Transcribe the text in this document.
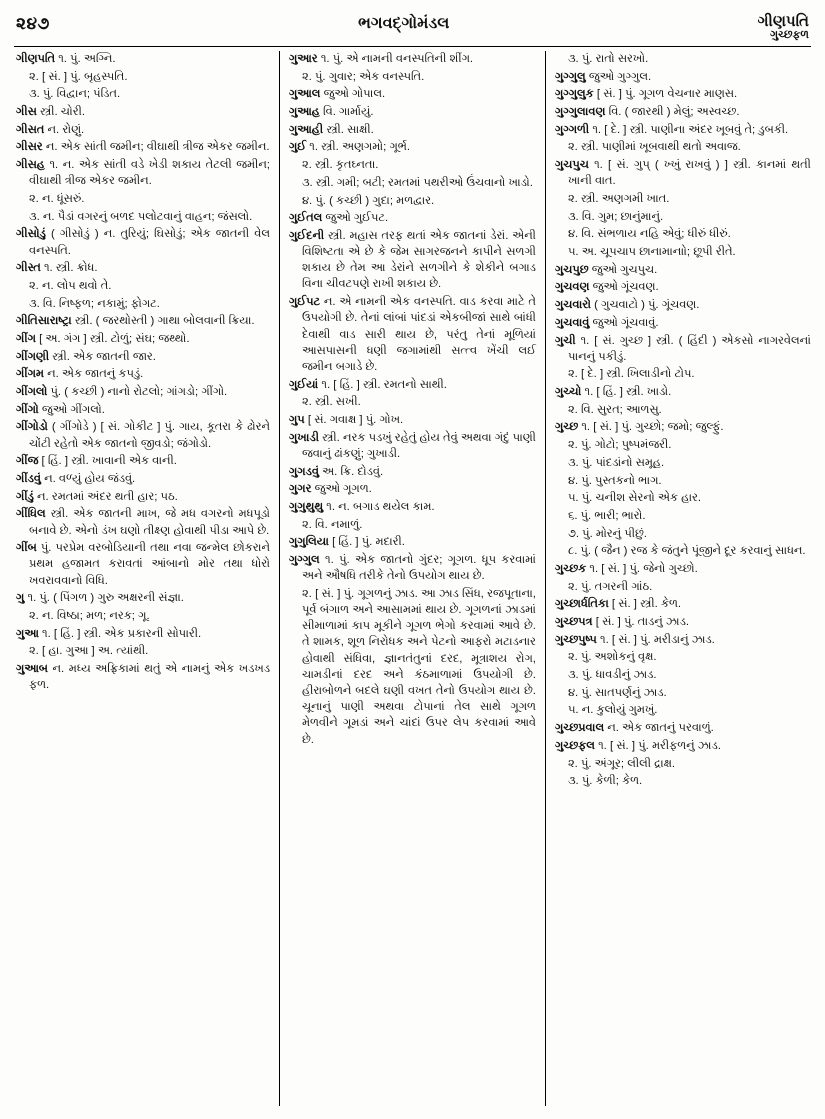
૨૪૭	ભગવદ્ગોમંડલ	ગીણપતિ
ગુચ્છફળ

ગીણપતિ ૧. પું. અગ્નિ.

૨. [ સં. ] પું. બૃહસ્પતિ.

૩. પું. વિદ્વાન; પંડિત.

ગીસ સ્ત્રી. ચોરી.

ગીસત ન. રોણું.

ગીસર ન. એક સાંતી જમીન; વીઘાથી ત્રીજ એકર જમીન.

ગીસહ ૧. ન. એક સાંતી વડે ખેડી શકાય તેટલી જમીન; વીઘાથી ત્રીજ એકર જમીન.

૨. ન. ધૂંસરું.

૩. ન. પૈડાં વગરનું બળદ પલોટવાનું વાહન; જંસલો.

ગીસોડું ( ગીસોડું ) ન. તુરિયું; ઘિસોડું; એક જાતની વેલ વનસ્પતિ.

ગીસ્ત ૧. સ્ત્રી. ક્રોધ.

૨. ન. લોપ થવો તે.

૩. વિ. નિષ્ફળ; નકામું; ફોગટ.

ગીતિસારાષ્ટ્રા સ્ત્રી. ( જરથોસ્તી ) ગાથા બોલવાની ક્રિયા.

ગીંગ [ અ. ગંગ ] સ્ત્રી. ટોળું; સંઘ; જથ્થો.

ગીંગણી સ્ત્રી. એક જાતની જાર.

ગીંગમ ન. એક જાતનું કપડું.

ગીંગલો પું. ( કચ્છી ) નાનો રોટલો; ગાંગડો; ગીંગો.

ગીંગો જુઓ ગીંગલો.

ગીંગોડો ( ગીંગોડે ) [ સં. ગોકીટ ] પું. ગાય, કૂતરા કે ઢોરને ચોંટી રહેતો એક જાતનો જીવડો; જંગોડો.

ગીંજ [ હિં. ] સ્ત્રી. ખાવાની એક વાની.

ગીંડવું ન. વળ્યું હોય જંડવું.

ગીંડું ન. રમતમાં અંદર થતી હાર; પઠ.

ગીંધિલ સ્ત્રી. એક જાતની માખ, જે મધ વગરનો મધપૂડો બનાવે છે. એનો ડંખ ઘણો તીક્ષ્ણ હોવાથી પીડા આપે છે.

ગીંબ પું. પરપ્રેમ વરબોડિયાની તથા નવા જન્મેલ છોકરાને પ્રથમ હજામત કરાવતાં આંબાનો મોર તથા ધોરો ખવરાવવાનો વિધિ.

ગુ ૧. પું. ( પિંગળ ) ગુરુ અક્ષરની સંજ્ઞા.

૨. ન. વિષ્ઠા; મળ; નરક; ગૂ.

ગુઆ ૧. [ હિં. ] સ્ત્રી. એક પ્રકારની સોપારી.

૨. [ હા. ગુઆ ] અ. ત્યાંથી.

ગુઆબ ન. મધ્ય અફ્રિકામાં થતું એ નામનું એક ખડખડ ફળ.

ગુઆર ૧. પું. એ નામની વનસ્પતિની શીંગ.

૨. પું. ગુવાર; એક વનસ્પતિ.

ગુઆલ જુઓ ગોપાલ.

ગુઆહ વિ. ગાર્માયું.

ગુઆહી સ્ત્રી. સાક્ષી.

ગુઈ ૧. સ્ત્રી. અણગમો; ગૂર્ભ.

૨. સ્ત્રી. કૃતઘ્નતા.

૩. સ્ત્રી. ગમી; બટી; રમતમાં પથરીઓ ઉંચવાનો ખાડો.

૪. પું. ( કચ્છી ) ગુદા; મળદ્વાર.

ગુઈતલ જુઓ ગુઈપટ.

ગુઈદની સ્ત્રી. મહાસ તરફ થતાં એક જાતનાં ડેરાં. એની વિશિષ્ટતા એ છે કે જેમ સાગરજનને કાપીને સળગી શકાય છે તેમ આ ડેરાંને સળગીને કે શેકીને બગાડ વિના ચીવટપણે રાખી શકાય છે.

ગુઈપટ ન. એ નામની એક વનસ્પતિ. વાડ કરવા માટે તે ઉપયોગી છે. તેનાં લાંબાં પાંદડાં એકબીજાં સાથે બાંધી દેવાથી વાડ સારી થાય છે, પરંતુ તેનાં મૂળિયાં આસપાસની ધણી જગામાંથી સત્ત્વ ખેંચી લઈ જમીન બગાડે છે.

ગુઈયાં ૧. [ હિં. ] સ્ત્રી. રમતનો સાથી.

૨. સ્ત્રી. સખી.

ગુપ [ સં. ગવાક્ષ ] પું. ગોખ.

ગુખાડી સ્ત્રી. નરક પડખું રહેતું હોય તેવું અથવા ગંદું પાણી જવાનું ઢાંકણું; ગુખાડી.

ગુગડવું અ. ક્રિ. દોડવું.

ગુગર જુઓ ગૂગળ.

ગુગુથુથુ ૧. ન. બગાડ થયેલ કામ.

૨. વિ. નમાળું.

ગુગુલિયા [ હિં. ] પું. મદારી.

ગુગ્ગુલ ૧. પું. એક જાતનો ગુંદર; ગૂગળ. ધૂપ કરવામાં અને ઔષધિ તરીકે તેનો ઉપયોગ થાય છે.

૨. [ સં. ] પું. ગૂગળનું ઝાડ. આ ઝાડ સિંધ, રજપૂતાના, પૂર્વ બંગાળ અને આસામમાં થાય છે. ગૂગળનાં ઝાડમાં સીમાળામાં કાપ મૂકીને ગૂગળ ભેગો કરવામાં આવે છે. તે શામક, શૂળ નિરોધક અને પેટનો આફરો મટાડનાર હોવાથી સંધિવા, જ્ઞાનતંતુનાં દરદ, મૂત્રાશય રોગ, ચામડીનાં દરદ અને કંઠમાળામાં ઉપયોગી છે. હીરાબોળને બદલે ઘણી વખત તેનો ઉપયોગ થાય છે. ચૂનાનું પાણી અથવા ટોપાનાં તેલ સાથે ગૂગળ મેળવીને ગૂમડાં અને ચાંદાં ઉપર લેપ કરવામાં આવે છે.

૩. પું. રાતો સરખો.

ગુગ્ગુલુ જુઓ ગુગ્ગુલ.

ગુગ્ગુલુક [ સં. ] પું. ગૂગળ વેચનાર માણસ.

ગુગ્ગુલાવણ વિ. ( જારથી ) મેલું; અસ્વચ્છ.

ગુગ્ગળી ૧. [ દે. ] સ્ત્રી. પાણીના અંદર ખૂબવું તે; ડુબકી.

૨. સ્ત્રી. પાણીમાં ખૂબવાથી થતો અવાજ.

ગુચપુચ ૧. [ સં. ગુપ્ ( ખ્ખું રાખવું ) ] સ્ત્રી. કાનમાં થતી ખાની વાત.

૨. સ્ત્રી. અણગમી ખાત.

૩. વિ. ગુમ; છાનુંમાનું.

૪. વિ. સંભળાય નહિ એવું; ધીરું ધીરું.

૫. અ. ચૂપચાપ છાનામાનાો; છૂપી રીતે.

ગુચપુછ જુઓ ગુચપુચ.

ગુચવણ જુઓ ગૂંચવણ.

ગુચવારો ( ગુચવાટો ) પું. ગૂંચવણ.

ગુચવાવું જુઓ ગૂંચવાવું.

ગુચી ૧. [ સં. ગુચ્છ ] સ્ત્રી. ( હિંદી ) એકસો નાગરવેલનાં પાનનું પકીડું.

૨. [ દે. ] સ્ત્રી. ખિલાડીનો ટોપ.

ગુચ્ચો ૧. [ હિં. ] સ્ત્રી. ખાડો.

૨. વિ. સુરત; આળસુ.

ગુચ્છ ૧. [ સં. ] પું. ગુચ્છો; જમો; જુલ્ફું.

૨. પું. ગોટો; પુષ્પમંજરી.

૩. પું. પાંદડાંનો સમૂહ.

૪. પું. પુસ્તકનો ભાગ.

૫. પું. ચનીશ સેરનો એક હાર.

૬. પું. ભારી; ભારો.

૭. પું. મોરનું પીછું.

૮. પું. ( જૈન ) રજ કે જંતુને પૂંજીને દૂર કરવાનું સાધન.

ગુચ્છક ૧. [ સં. ] પું. જેનો ગુચ્છો.

૨. પું. તગરની ગાંઠ.

ગુચ્છાર્ધતિકા [ સં. ] સ્ત્રી. કેળ.

ગુચ્છપત્ર [ સં. ] પું. તાડનું ઝાડ.

ગુચ્છપુષ્પ ૧. [ સં. ] પું. મરીડાનું ઝાડ.

૨. પું. અશોકનું વૃક્ષ.

૩. પું. ધાવડીનું ઝાડ.

૪. પું. સાતપર્ણનું ઝાડ.

૫. ન. કુલોયું ગુમખું.

ગુચ્છપ્રવાલ ન. એક જાતનું પરવાળું.

ગુચ્છફલ ૧. [ સં. ] પું. મરીફળનું ઝાડ.

૨. પું. અંગૂર; લીલી દ્રાક્ષ.

૩. પું. કેળી; કેળ.
